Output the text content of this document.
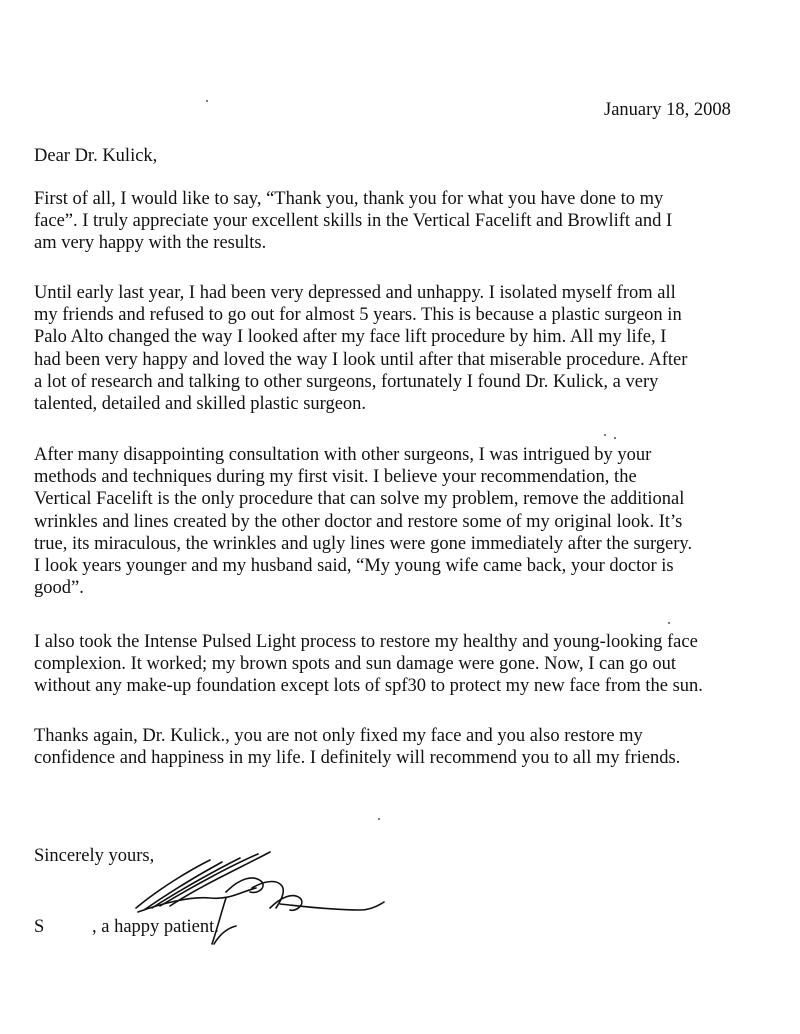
January 18, 2008
Dear Dr. Kulick,
First of all, I would like to say, “Thank you, thank you for what you have done to my
face”. I truly appreciate your excellent skills in the Vertical Facelift and Browlift and I
am very happy with the results.
Until early last year, I had been very depressed and unhappy. I isolated myself from all
my friends and refused to go out for almost 5 years. This is because a plastic surgeon in
Palo Alto changed the way I looked after my face lift procedure by him. All my life, I
had been very happy and loved the way I look until after that miserable procedure. After
a lot of research and talking to other surgeons, fortunately I found Dr. Kulick, a very
talented, detailed and skilled plastic surgeon.
After many disappointing consultation with other surgeons, I was intrigued by your
methods and techniques during my first visit. I believe your recommendation, the
Vertical Facelift is the only procedure that can solve my problem, remove the additional
wrinkles and lines created by the other doctor and restore some of my original look. It’s
true, its miraculous, the wrinkles and ugly lines were gone immediately after the surgery.
I look years younger and my husband said, “My young wife came back, your doctor is
good”.
I also took the Intense Pulsed Light process to restore my healthy and young-looking face
complexion. It worked; my brown spots and sun damage were gone. Now, I can go out
without any make-up foundation except lots of spf30 to protect my new face from the sun.
Thanks again, Dr. Kulick., you are not only fixed my face and you also restore my
confidence and happiness in my life. I definitely will recommend you to all my friends.
Sincerely yours,
S	, a happy patient.
